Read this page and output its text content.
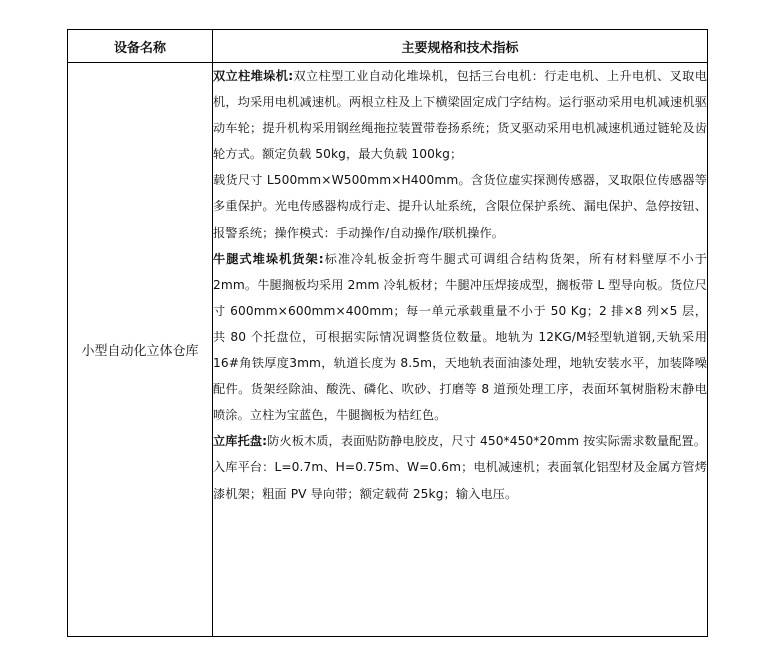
设备名称	主要规格和技术指标
小型自动化立体仓库	双立柱堆垛机:双立柱型工业自动化堆垛机，包括三台电机：行走电机、上升电机、叉取电机，均采用电机减速机。两根立柱及上下横梁固定成门字结构。运行驱动采用电机减速机驱动车轮；提升机构采用钢丝绳拖拉装置带卷扬系统；货叉驱动采用电机减速机通过链轮及齿轮方式。额定负载 50kg，最大负载 100kg；

载货尺寸 L500mm×W500mm×H400mm。含货位虚实探测传感器，叉取限位传感器等多重保护。光电传感器构成行走、提升认址系统，含限位保护系统、漏电保护、急停按钮、报警系统；操作模式：手动操作/自动操作/联机操作。

牛腿式堆垛机货架:标准冷轧板金折弯牛腿式可调组合结构货架，所有材料壁厚不小于 2mm。牛腿搁板均采用 2mm 冷轧板材；牛腿冲压焊接成型，搁板带 L 型导向板。货位尺寸 600mm×600mm×400mm；每一单元承载重量不小于 50 Kg；2 排×8 列×5 层，共 80 个托盘位，可根据实际情况调整货位数量。地轨为 12KG/M轻型轨道钢,天轨采用16#角铁厚度3mm，轨道长度为 8.5m，天地轨表面油漆处理，地轨安装水平，加装降噪配件。货架经除油、酸洗、磷化、吹砂、打磨等 8 道预处理工序，表面环氧树脂粉末静电喷涂。立柱为宝蓝色，牛腿搁板为桔红色。

立库托盘:防火板木质，表面贴防静电胶皮，尺寸 450*450*20mm 按实际需求数量配置。

入库平台：L=0.7m、H=0.75m、W=0.6m；电机减速机；表面氧化铝型材及金属方管烤漆机架；粗面 PV 导向带；额定载荷 25kg；输入电压。
